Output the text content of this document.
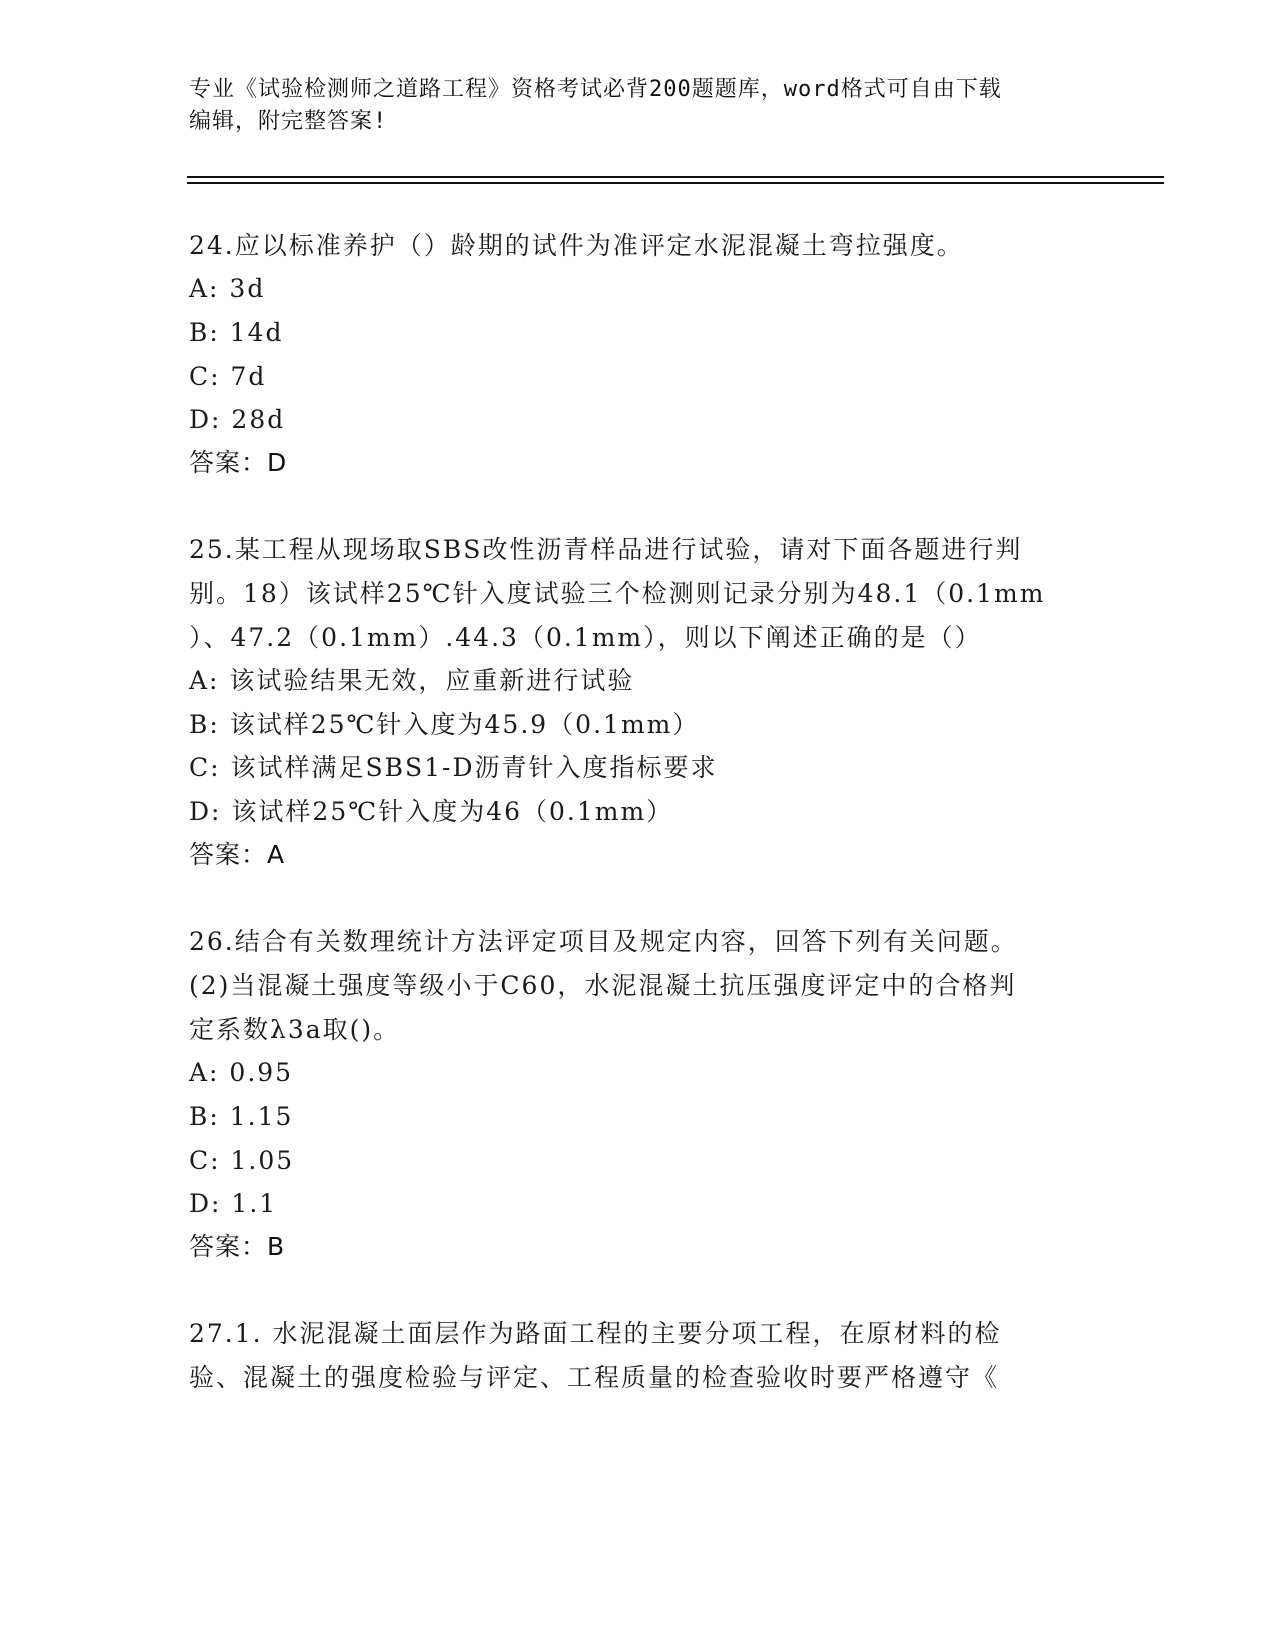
专业《试验检测师之道路工程》资格考试必背200题题库，word格式可自由下载
编辑，附完整答案!
24.应以标准养护（）龄期的试件为准评定水泥混凝土弯拉强度。
A: 3d
B: 14d
C: 7d
D: 28d
答案：D
25.某工程从现场取SBS改性沥青样品进行试验，请对下面各题进行判
别。18）该试样25℃针入度试验三个检测则记录分别为48.1（0.1mm
）、47.2（0.1mm）.44.3（0.1mm），则以下阐述正确的是（）
A: 该试验结果无效，应重新进行试验
B: 该试样25℃针入度为45.9（0.1mm）
C: 该试样满足SBS1-D沥青针入度指标要求
D: 该试样25℃针入度为46（0.1mm）
答案：A
26.结合有关数理统计方法评定项目及规定内容，回答下列有关问题。
(2)当混凝土强度等级小于C60，水泥混凝土抗压强度评定中的合格判
定系数λ3a取()。
A: 0.95
B: 1.15
C: 1.05
D: 1.1
答案：B
27.1. 水泥混凝土面层作为路面工程的主要分项工程，在原材料的检
验、混凝土的强度检验与评定、工程质量的检查验收时要严格遵守《
